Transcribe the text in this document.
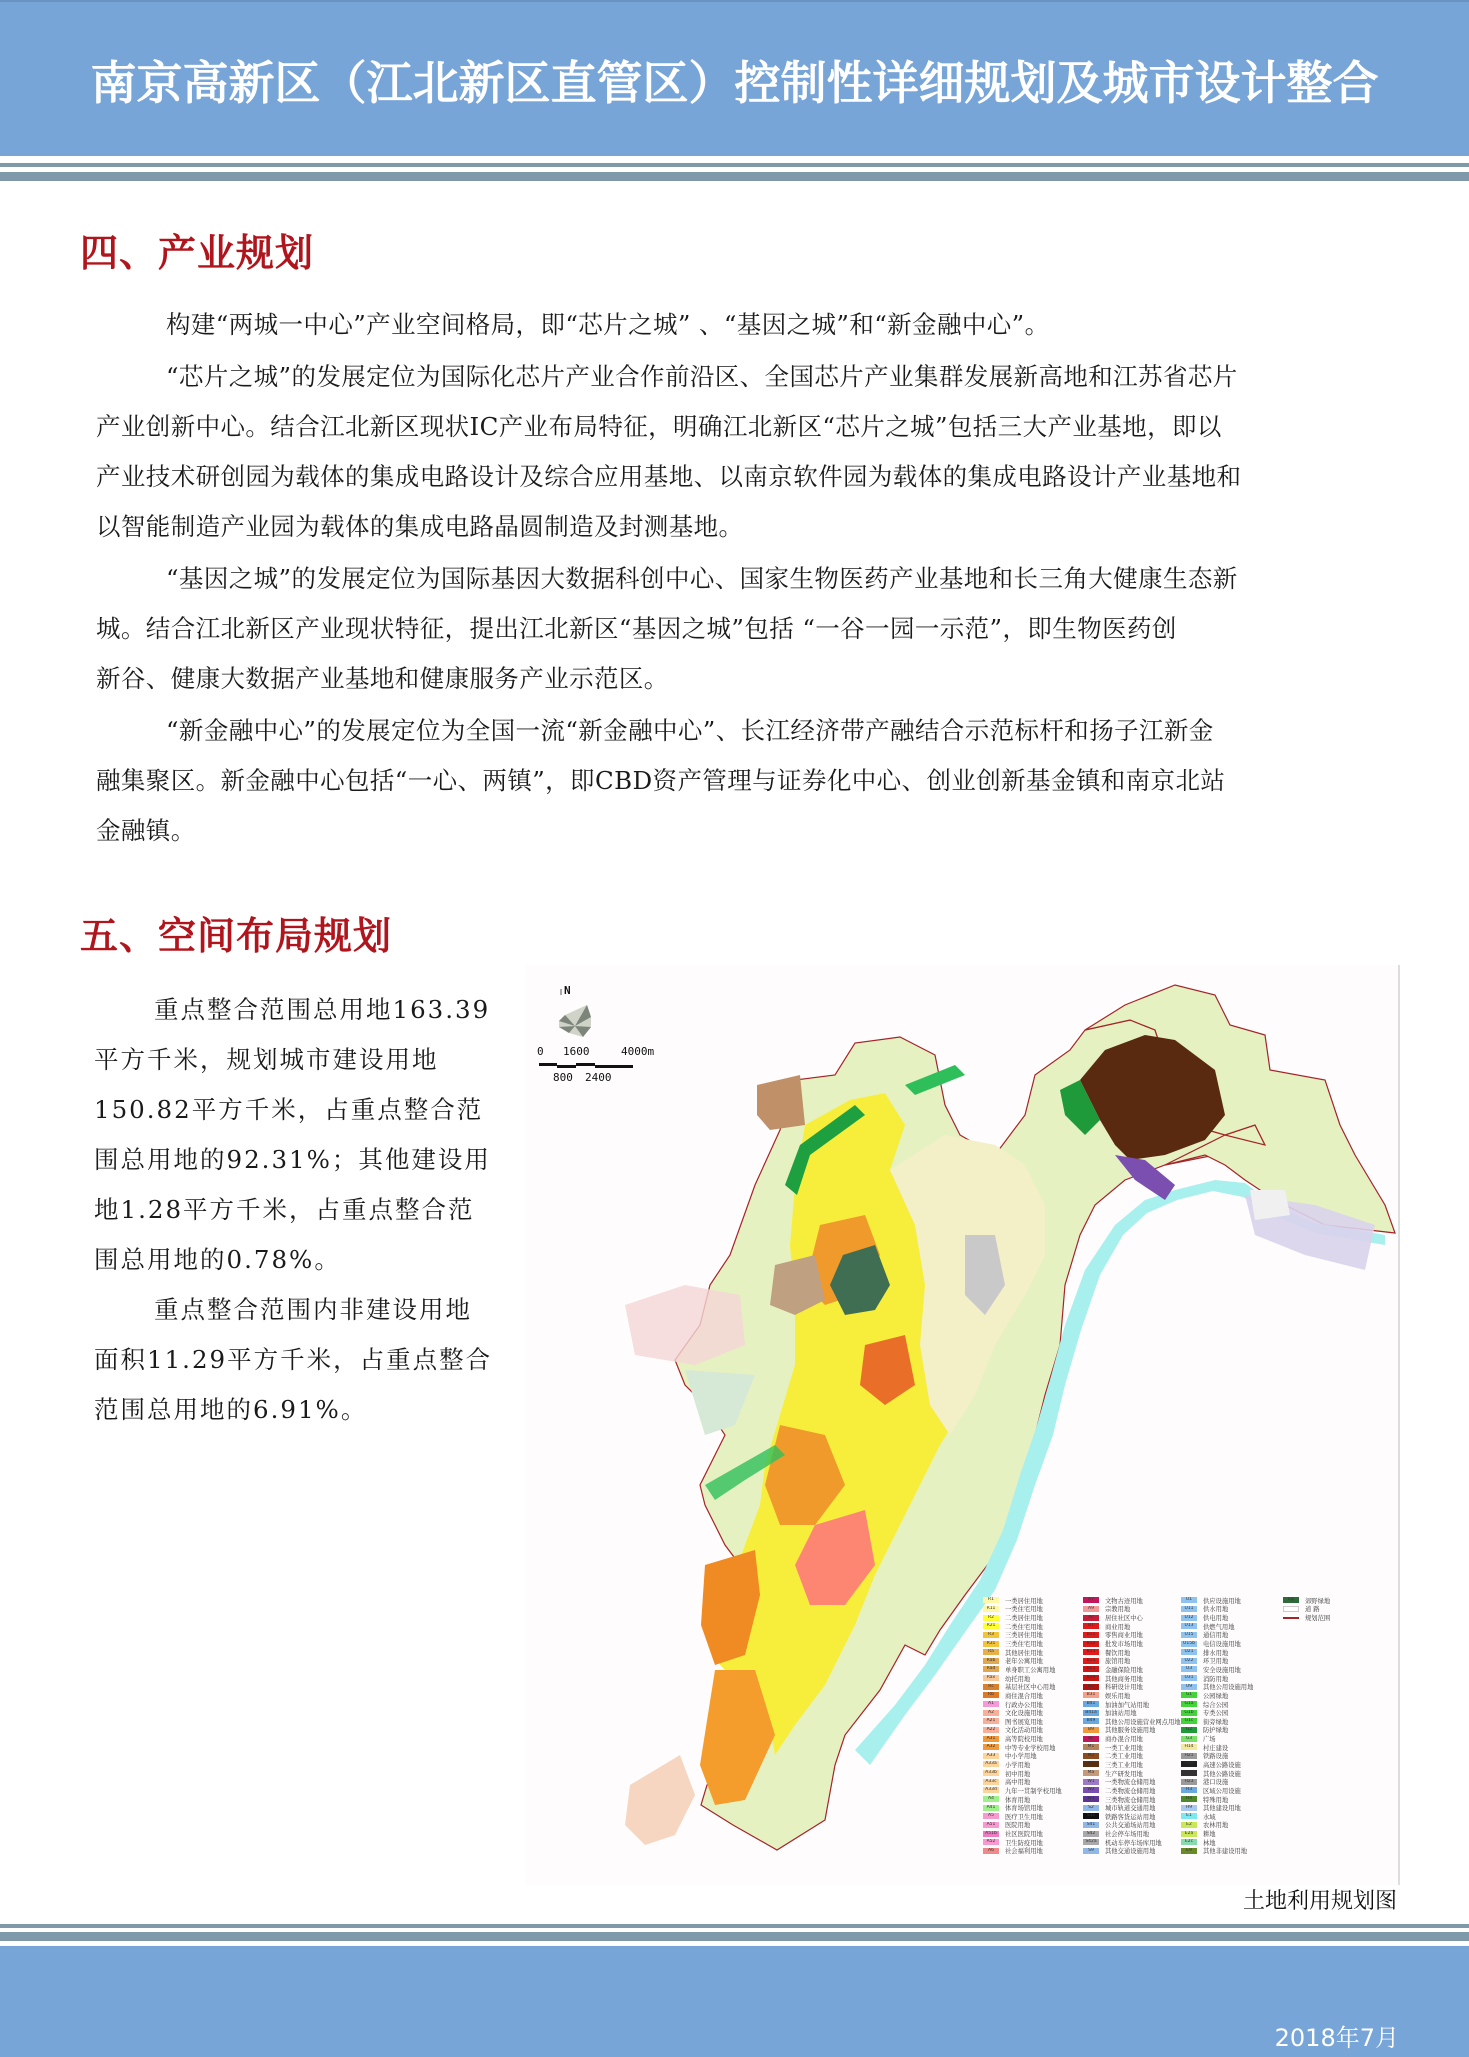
南京高新区（江北新区直管区）控制性详细规划及城市设计整合
四、产业规划
构建“两城一中心”产业空间格局，即“芯片之城” 、“基因之城”和“新金融中心”。
“芯片之城”的发展定位为国际化芯片产业合作前沿区、全国芯片产业集群发展新高地和江苏省芯片
产业创新中心。结合江北新区现状IC产业布局特征，明确江北新区“芯片之城”包括三大产业基地，即以
产业技术研创园为载体的集成电路设计及综合应用基地、以南京软件园为载体的集成电路设计产业基地和
以智能制造产业园为载体的集成电路晶圆制造及封测基地。
“基因之城”的发展定位为国际基因大数据科创中心、国家生物医药产业基地和长三角大健康生态新
城。结合江北新区产业现状特征，提出江北新区“基因之城”包括 “一谷一园一示范”，即生物医药创
新谷、健康大数据产业基地和健康服务产业示范区。
“新金融中心”的发展定位为全国一流“新金融中心”、长江经济带产融结合示范标杆和扬子江新金
融集聚区。新金融中心包括“一心、两镇”，即CBD资产管理与证券化中心、创业创新基金镇和南京北站
金融镇。
五、空间布局规划
重点整合范围总用地163.39
平方千米，规划城市建设用地
150.82平方千米，占重点整合范
围总用地的92.31%；其他建设用
地1.28平方千米，占重点整合范
围总用地的0.78%。
重点整合范围内非建设用地
面积11.29平方千米，占重点整合
范围总用地的6.91%。
0 1600	4000m
800 2400
N
R1	一类居住用地
R11	一类住宅用地
R2	二类居住用地
R21	二类住宅用地
R3	三类居住用地
R31	三类住宅用地
Ra	其他居住用地
Rab	老年公寓用地
Rad	单身职工公寓用地
Rax	幼托用地
Rc	基层社区中心用地
Rb	商住混合用地
A1	行政办公用地
A2	文化设施用地
A21	图书展览用地
A22	文化活动用地
A31	高等院校用地
A32	中等专业学校用地
A33	中小学用地
A33a	小学用地
A33b	初中用地
A33c	高中用地
A33d	九年一贯制学校用地
A4	体育用地
A41	体育场馆用地
A5	医疗卫生用地
A51	医院用地
A51b	社区医院用地
A52	卫生防疫用地
A6	社会福利用地
A7	文物古迹用地
A9	宗教用地
Ac	居住社区中心
B1	商业用地
B11	零售商业用地
B12	批发市场用地
B13	餐饮用地
B14	旅馆用地
B21	金融保险用地
B29	其他商务用地
B3	科研设计用地
B31	娱乐用地
B41	加油加气站用地
B41a	加油站用地
B49	其他公用设施营业网点用地
B9	其他服务设施用地
Bc	商办混合用地
M1	一类工业用地
M2	二类工业用地
M3	三类工业用地
Ma	生产研发用地
W1	一类物流仓储用地
W2	二类物流仓储用地
W3	三类物流仓储用地
S2	城市轨道交通用地
S31	铁路客货运站用地
S41	公共交通场站用地
S42	社会停车场用地
S42a	机动车停车场库用地
S9	其他交通设施用地
U1	供应设施用地
U11	供水用地
U12	供电用地
U13	供燃气用地
U15	通信用地
U15b	电信设施用地
U21	排水用地
U22	环卫用地
U3	安全设施用地
U31	消防用地
U9	其他公用设施用地
G1	公园绿地
G1a	综合公园
G1b	专类公园
G1c	街旁绿地
G2	防护绿地
G3	广场
H14	村庄建设
H21	铁路设施
H22	高速公路设施
H22	其他公路设施
H23	港口设施
H3	区域公用设施
H4	特殊用地
H9	其他建设用地
E1	水域
E2	农林用地
E2a	耕地
E2c	林地
E9	其他非建设用地
Eg	郊野绿地
道 路
规划范围
土地利用规划图
2018年7月
